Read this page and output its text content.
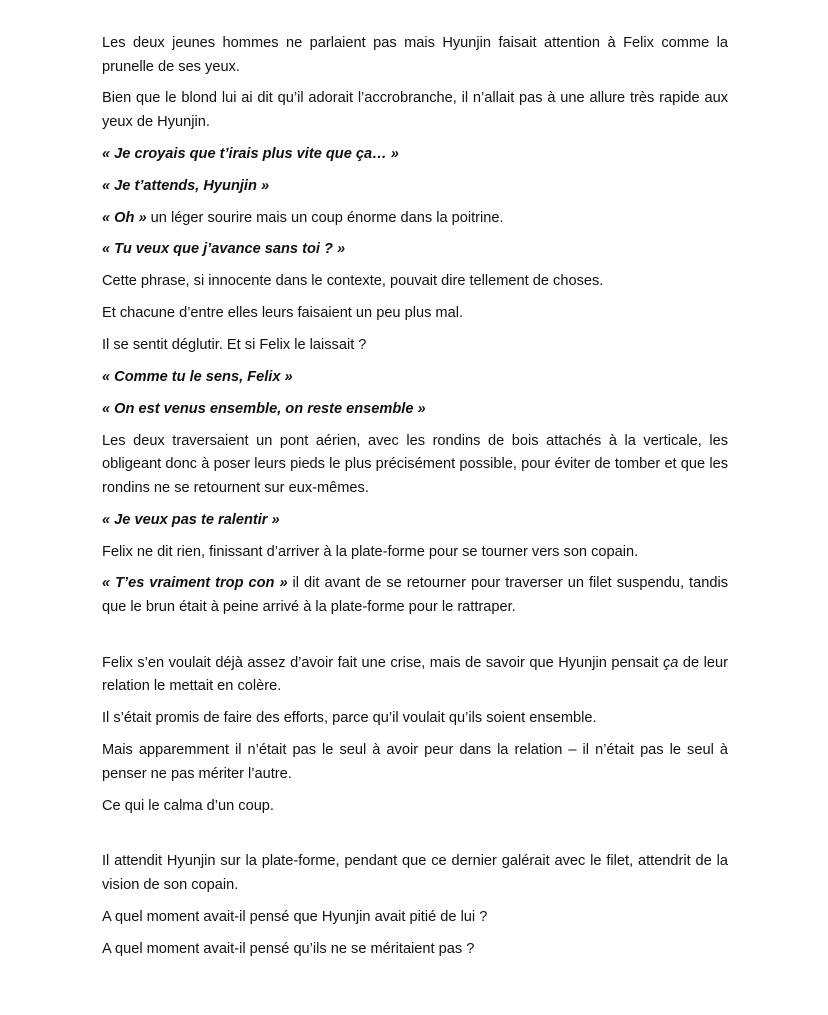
Les deux jeunes hommes ne parlaient pas mais Hyunjin faisait attention à Felix comme la prunelle de ses yeux.

Bien que le blond lui ai dit qu’il adorait l’accrobranche, il n’allait pas à une allure très rapide aux yeux de Hyunjin.

« Je croyais que t’irais plus vite que ça… »

« Je t’attends, Hyunjin »

« Oh » un léger sourire mais un coup énorme dans la poitrine.

« Tu veux que j’avance sans toi ? »

Cette phrase, si innocente dans le contexte, pouvait dire tellement de choses.

Et chacune d’entre elles leurs faisaient un peu plus mal.

Il se sentit déglutir. Et si Felix le laissait ?

« Comme tu le sens, Felix »

« On est venus ensemble, on reste ensemble »

Les deux traversaient un pont aérien, avec les rondins de bois attachés à la verticale, les obligeant donc à poser leurs pieds le plus précisément possible, pour éviter de tomber et que les rondins ne se retournent sur eux-mêmes.

« Je veux pas te ralentir »

Felix ne dit rien, finissant d’arriver à la plate-forme pour se tourner vers son copain.

« T’es vraiment trop con » il dit avant de se retourner pour traverser un filet suspendu, tandis que le brun était à peine arrivé à la plate-forme pour le rattraper.

Felix s’en voulait déjà assez d’avoir fait une crise, mais de savoir que Hyunjin pensait ça de leur relation le mettait en colère.

Il s’était promis de faire des efforts, parce qu’il voulait qu’ils soient ensemble.

Mais apparemment il n’était pas le seul à avoir peur dans la relation – il n’était pas le seul à penser ne pas mériter l’autre.

Ce qui le calma d’un coup.

Il attendit Hyunjin sur la plate-forme, pendant que ce dernier galérait avec le filet, attendrit de la vision de son copain.

A quel moment avait-il pensé que Hyunjin avait pitié de lui ?

A quel moment avait-il pensé qu’ils ne se méritaient pas ?
